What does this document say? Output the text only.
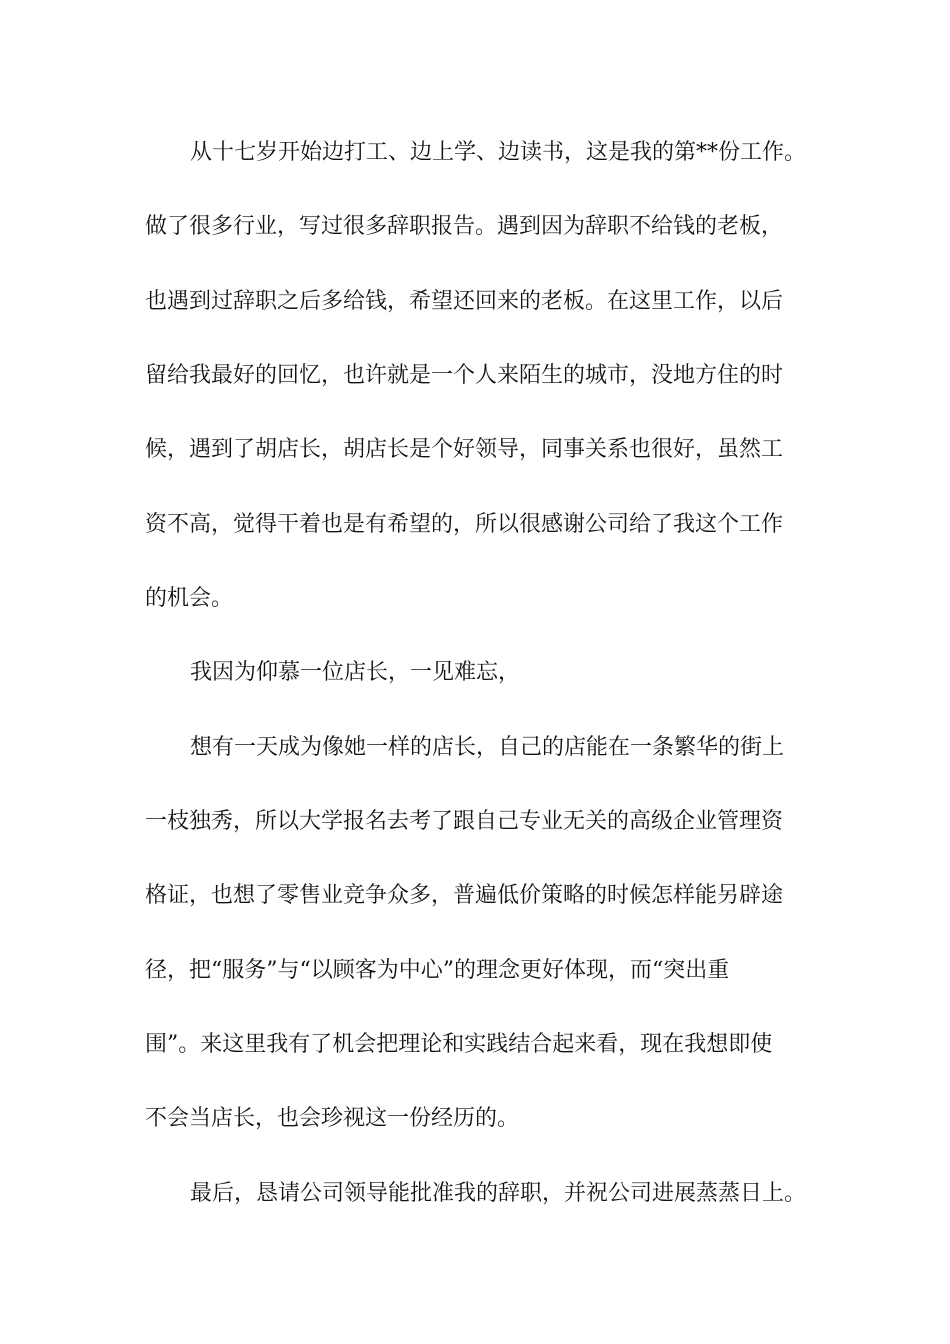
从十七岁开始边打工、边上学、边读书，这是我的第**份工作。

做了很多行业，写过很多辞职报告。遇到因为辞职不给钱的老板，

也遇到过辞职之后多给钱，希望还回来的老板。在这里工作，以后

留给我最好的回忆，也许就是一个人来陌生的城市，没地方住的时

候，遇到了胡店长，胡店长是个好领导，同事关系也很好，虽然工

资不高，觉得干着也是有希望的，所以很感谢公司给了我这个工作

的机会。

我因为仰慕一位店长，一见难忘，

想有一天成为像她一样的店长，自己的店能在一条繁华的街上

一枝独秀，所以大学报名去考了跟自己专业无关的高级企业管理资

格证，也想了零售业竞争众多，普遍低价策略的时候怎样能另辟途

径，把“服务”与“以顾客为中心”的理念更好体现，而“突出重

围”。来这里我有了机会把理论和实践结合起来看，现在我想即使

不会当店长，也会珍视这一份经历的。

最后，恳请公司领导能批准我的辞职，并祝公司进展蒸蒸日上。
